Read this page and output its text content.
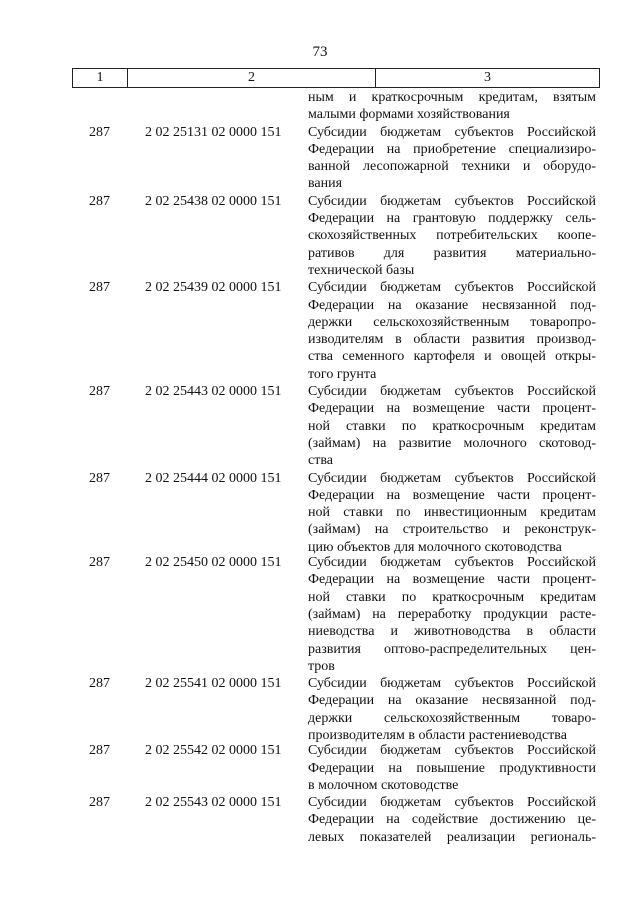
73
1	2	3
ным и краткосрочным кредитам, взятым
малыми формами хозяйствования
287	2 02 25131 02 0000 151	Субсидии бюджетам субъектов Российской
Федерации на приобретение специализиро-
ванной лесопожарной техники и оборудо-
вания
287	2 02 25438 02 0000 151	Субсидии бюджетам субъектов Российской
Федерации на грантовую поддержку сель-
скохозяйственных потребительских коопе-
ративов для развития материально-
технической базы
287	2 02 25439 02 0000 151	Субсидии бюджетам субъектов Российской
Федерации на оказание несвязанной под-
держки сельскохозяйственным товаропро-
изводителям в области развития производ-
ства семенного картофеля и овощей откры-
того грунта
287	2 02 25443 02 0000 151	Субсидии бюджетам субъектов Российской
Федерации на возмещение части процент-
ной ставки по краткосрочным кредитам
(займам) на развитие молочного скотовод-
ства
287	2 02 25444 02 0000 151	Субсидии бюджетам субъектов Российской
Федерации на возмещение части процент-
ной ставки по инвестиционным кредитам
(займам) на строительство и реконструк-
цию объектов для молочного скотоводства
287	2 02 25450 02 0000 151	Субсидии бюджетам субъектов Российской
Федерации на возмещение части процент-
ной ставки по краткосрочным кредитам
(займам) на переработку продукции расте-
ниеводства и животноводства в области
развития оптово-распределительных цен-
тров
287	2 02 25541 02 0000 151	Субсидии бюджетам субъектов Российской
Федерации на оказание несвязанной под-
держки сельскохозяйственным товаро-
производителям в области растениеводства
287	2 02 25542 02 0000 151	Субсидии бюджетам субъектов Российской
Федерации на повышение продуктивности
в молочном скотоводстве
287	2 02 25543 02 0000 151	Субсидии бюджетам субъектов Российской
Федерации на содействие достижению це-
левых показателей реализации региональ-
